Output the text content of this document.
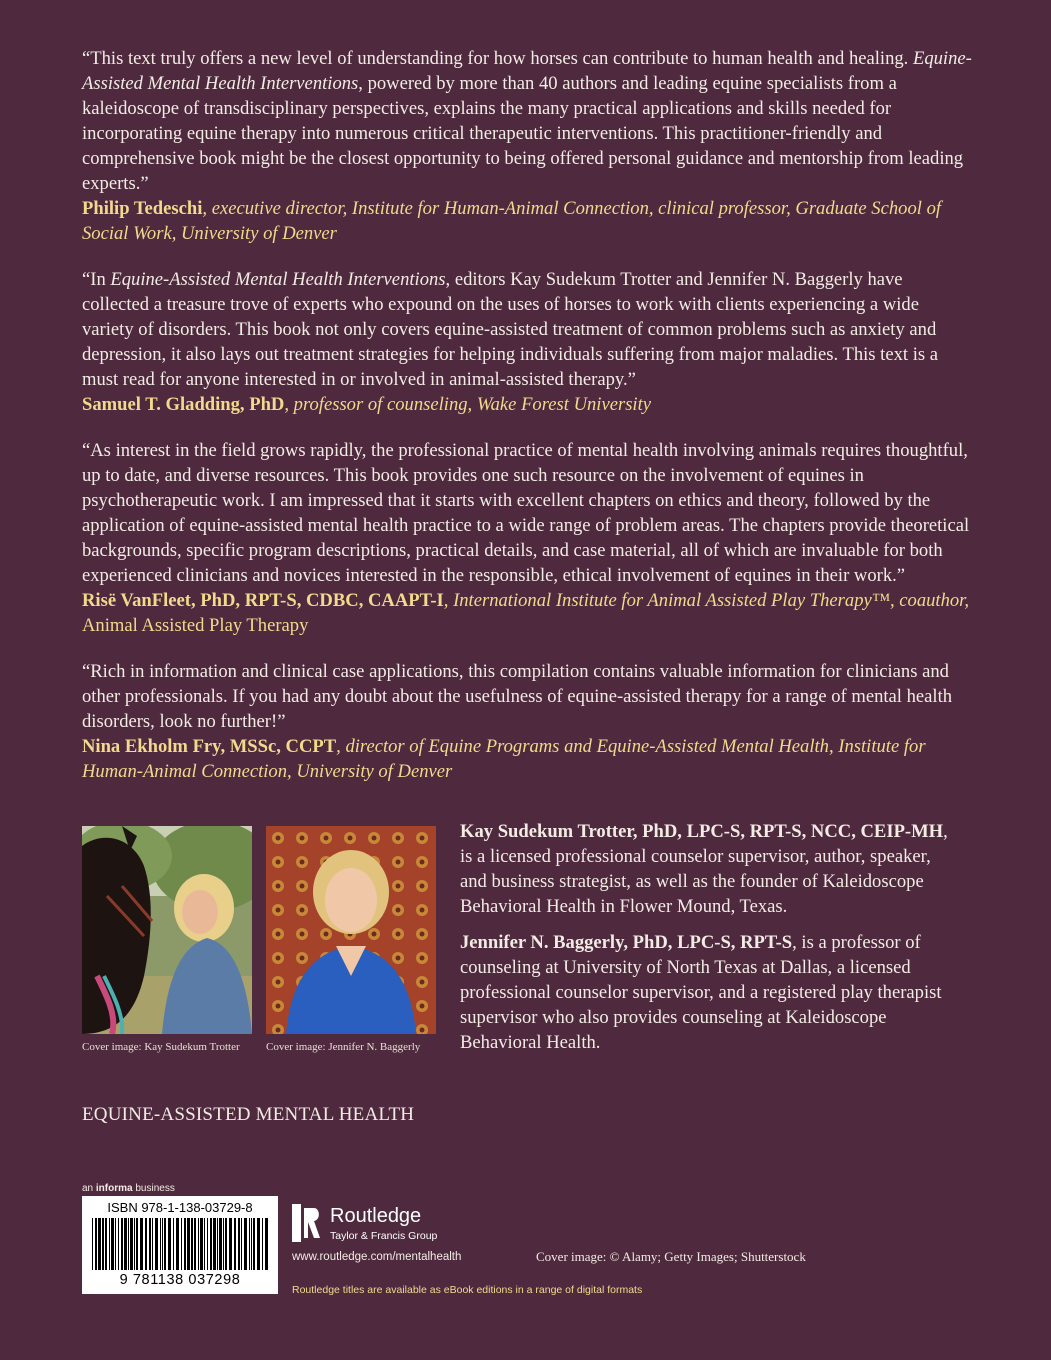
“This text truly offers a new level of understanding for how horses can contribute to human health and healing. Equine-Assisted Mental Health Interventions, powered by more than 40 authors and leading equine specialists from a kaleidoscope of transdisciplinary perspectives, explains the many practical applications and skills needed for incorporating equine therapy into numerous critical therapeutic interventions. This practitioner-friendly and comprehensive book might be the closest opportunity to being offered personal guidance and mentorship from leading experts.”

Philip Tedeschi, executive director, Institute for Human-Animal Connection, clinical professor, Graduate School of Social Work, University of Denver

“In Equine-Assisted Mental Health Interventions, editors Kay Sudekum Trotter and Jennifer N. Baggerly have collected a treasure trove of experts who expound on the uses of horses to work with clients experiencing a wide variety of disorders. This book not only covers equine-assisted treatment of common problems such as anxiety and depression, it also lays out treatment strategies for helping individuals suffering from major maladies. This text is a must read for anyone interested in or involved in animal-assisted therapy.”

Samuel T. Gladding, PhD, professor of counseling, Wake Forest University

“As interest in the field grows rapidly, the professional practice of mental health involving animals requires thoughtful, up to date, and diverse resources. This book provides one such resource on the involvement of equines in psychotherapeutic work. I am impressed that it starts with excellent chapters on ethics and theory, followed by the application of equine-assisted mental health practice to a wide range of problem areas. The chapters provide theoretical backgrounds, specific program descriptions, practical details, and case material, all of which are invaluable for both experienced clinicians and novices interested in the responsible, ethical involvement of equines in their work.”

Risë VanFleet, PhD, RPT-S, CDBC, CAAPT-I, International Institute for Animal Assisted Play Therapy™, coauthor, Animal Assisted Play Therapy

“Rich in information and clinical case applications, this compilation contains valuable information for clinicians and other professionals. If you had any doubt about the usefulness of equine-assisted therapy for a range of mental health disorders, look no further!”

Nina Ekholm Fry, MSSc, CCPT, director of Equine Programs and Equine-Assisted Mental Health, Institute for Human-Animal Connection, University of Denver

Cover image: Kay Sudekum Trotter Cover image: Jennifer N. Baggerly

Kay Sudekum Trotter, PhD, LPC-S, RPT-S, NCC, CEIP-MH, is a licensed professional counselor supervisor, author, speaker, and business strategist, as well as the founder of Kaleidoscope Behavioral Health in Flower Mound, Texas.

Jennifer N. Baggerly, PhD, LPC-S, RPT-S, is a professor of counseling at University of North Texas at Dallas, a licensed professional counselor supervisor, and a registered play therapist supervisor who also provides counseling at Kaleidoscope Behavioral Health.

EQUINE-ASSISTED MENTAL HEALTH
an informa business
ISBN 978-1-138-03729-8
9 781138 037298
Routledge
Taylor & Francis Group
www.routledge.com/mentalhealth	Cover image: © Alamy; Getty Images; Shutterstock
Routledge titles are available as eBook editions in a range of digital formats
